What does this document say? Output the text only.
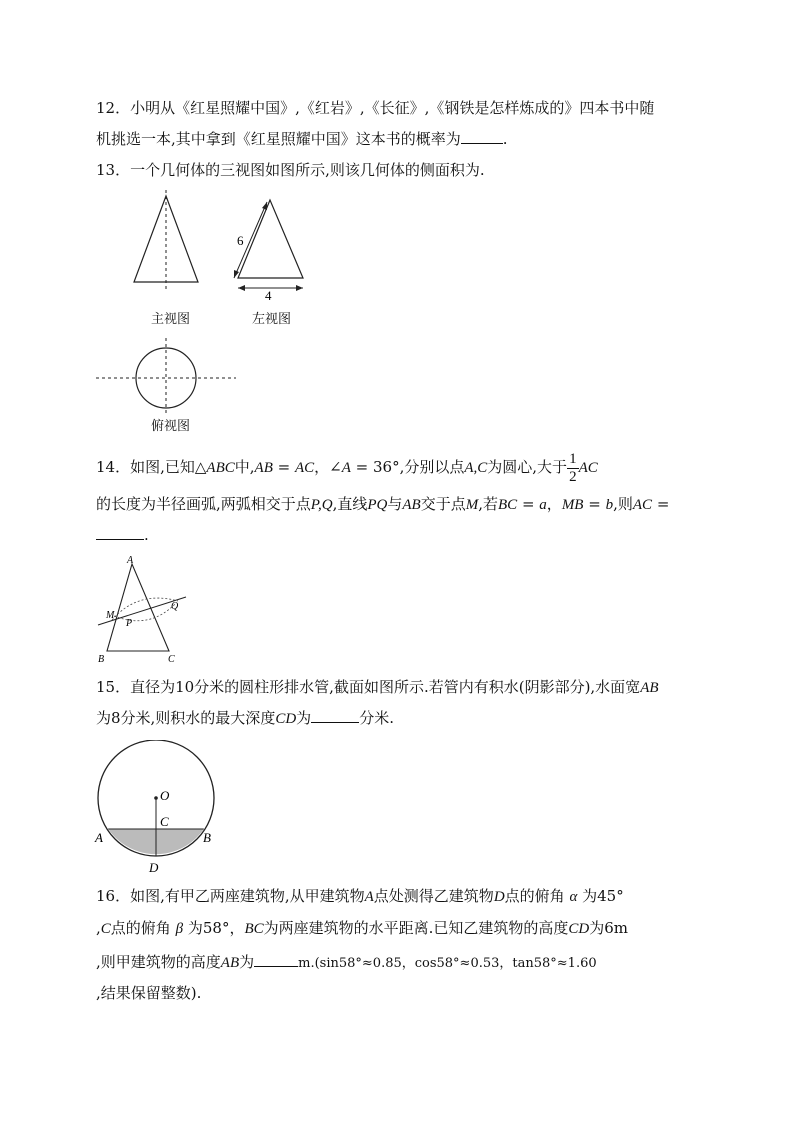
12．小明从《红星照耀中国》,《红岩》,《长征》,《钢铁是怎样炼成的》四本书中随
机挑选一本,其中拿到《红星照耀中国》这本书的概率为	.
13．一个几何体的三视图如图所示,则该几何体的侧面积为.
主视图
俯视图
6
4
左视图
14．如图,已知△ABC中,AB = AC，∠A = 36°,分别以点A,C为圆心,大于 $\frac{1}{2}$ AC
的长度为半径画弧,两弧相交于点P,Q,直线PQ与AB交于点M,若BC = a，MB = b,则AC =
.
A
B	C
M
P
Q
15．直径为10分米的圆柱形排水管,截面如图所示.若管内有积水(阴影部分),水面宽AB
为8分米,则积水的最大深度CD为	分米.
O
C
A	B
D
16．如图,有甲乙两座建筑物,从甲建筑物A点处测得乙建筑物D点的俯角 α 为45°
,C点的俯角 β 为58°，BC为两座建筑物的水平距离.已知乙建筑物的高度CD为6m
,则甲建筑物的高度AB为	m.(sin58°≈0.85，cos58°≈0.53，tan58°≈1.60
,结果保留整数).
